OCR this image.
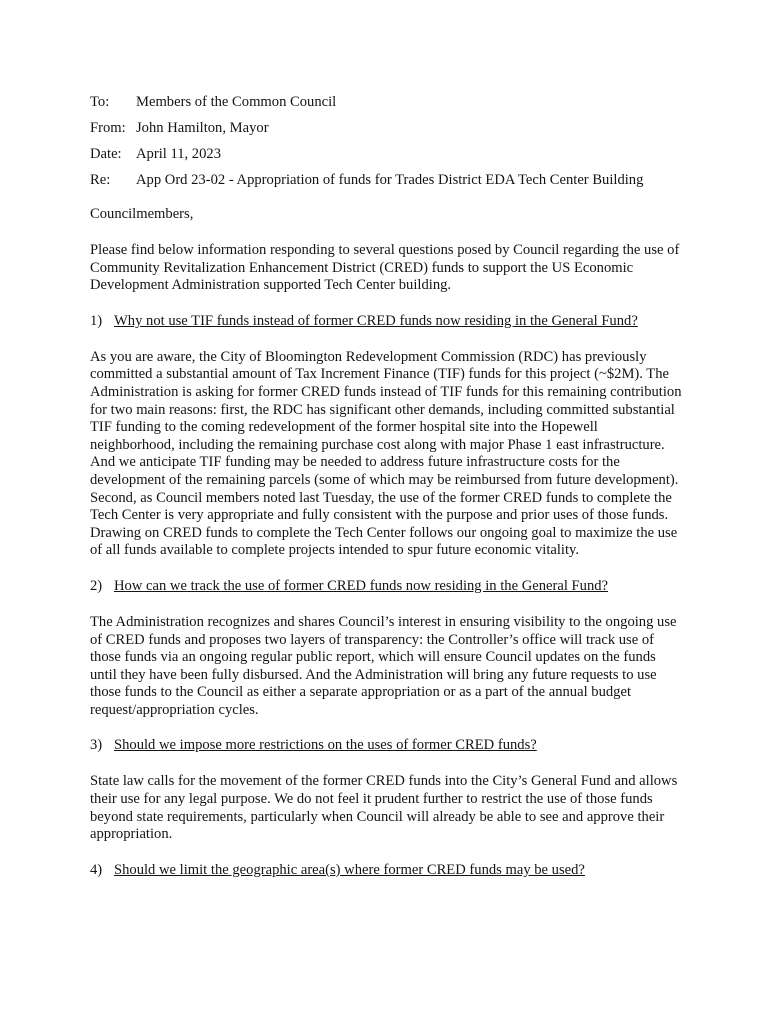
To:	Members of the Common Council
From: John Hamilton, Mayor
Date: April 11, 2023
Re:	App Ord 23-02 - Appropriation of funds for Trades District EDA Tech Center Building
Councilmembers,

Please find below information responding to several questions posed by Council regarding the use of Community Revitalization Enhancement District (CRED) funds to support the US Economic Development Administration supported Tech Center building.

1) Why not use TIF funds instead of former CRED funds now residing in the General Fund?

As you are aware, the City of Bloomington Redevelopment Commission (RDC) has previously committed a substantial amount of Tax Increment Finance (TIF) funds for this project (~$2M). The Administration is asking for former CRED funds instead of TIF funds for this remaining contribution for two main reasons: first, the RDC has significant other demands, including committed substantial TIF funding to the coming redevelopment of the former hospital site into the Hopewell neighborhood, including the remaining purchase cost along with major Phase 1 east infrastructure. And we anticipate TIF funding may be needed to address future infrastructure costs for the development of the remaining parcels (some of which may be reimbursed from future development). Second, as Council members noted last Tuesday, the use of the former CRED funds to complete the Tech Center is very appropriate and fully consistent with the purpose and prior uses of those funds. Drawing on CRED funds to complete the Tech Center follows our ongoing goal to maximize the use of all funds available to complete projects intended to spur future economic vitality.

2) How can we track the use of former CRED funds now residing in the General Fund?

The Administration recognizes and shares Council’s interest in ensuring visibility to the ongoing use of CRED funds and proposes two layers of transparency: the Controller’s office will track use of those funds via an ongoing regular public report, which will ensure Council updates on the funds until they have been fully disbursed. And the Administration will bring any future requests to use those funds to the Council as either a separate appropriation or as a part of the annual budget request/appropriation cycles.

3) Should we impose more restrictions on the uses of former CRED funds?

State law calls for the movement of the former CRED funds into the City’s General Fund and allows their use for any legal purpose. We do not feel it prudent further to restrict the use of those funds beyond state requirements, particularly when Council will already be able to see and approve their appropriation.

4) Should we limit the geographic area(s) where former CRED funds may be used?
